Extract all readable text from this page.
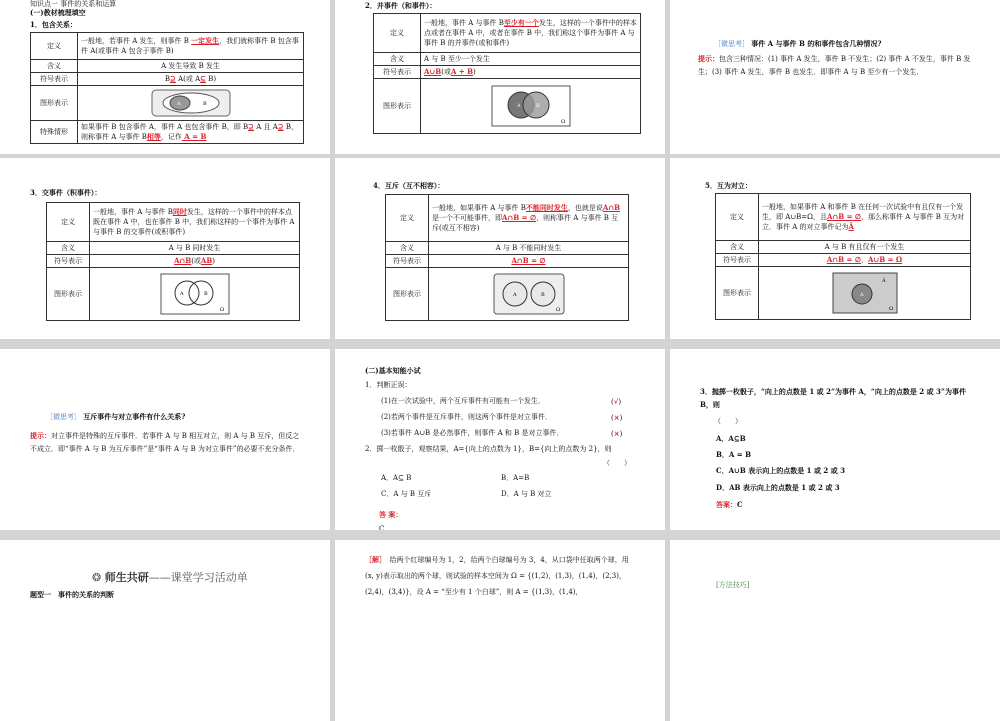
知识点一 事件的关系和运算
(一)教材梳理填空
1．包含关系：
定义	一般地，若事件 A 发生，则事件 B 一定发生，我们就称事件 B 包含事件 A(或事件 A 包含于事件 B)
含义	A 发生导致 B 发生
符号表示	B⊇ A(或 A⊆ B)
图形表示	A B

特殊情形	如果事件 B 包含事件 A，事件 A 也包含事件 B，即 B⊇ A 且 A⊇ B，则称事件 A 与事件 B相等，记作 A = B
2．并事件（和事件）：
定义	一般地，事件 A 与事件 B至少有一个发生，这样的一个事件中的样本点或者在事件 A 中，或者在事件 B 中，我们称这个事件为事件 A 与事件 B 的并事件(或和事件)
含义	A 与 B 至少一个发生
符号表示	A∪B(或A + B)
图形表示	A B
Ω
［微思考］ 事件 A 与事件 B 的和事件包含几种情况?
提示：包含三种情况：(1) 事件 A 发生，事件 B 不发生；(2) 事件 A 不发生，事件 B 发生；(3) 事件 A 发生，事件 B 也发生．即事件 A 与 B 至少有一个发生．
3．交事件（积事件）：
定义	一般地，事件 A 与事件 B同时发生，这样的一个事件中的样本点既在事件 A 中，也在事件 B 中，我们称这样的一个事件为事件 A 与事件 B 的交事件(或积事件)
含义	A 与 B 同时发生
符号表示	A∩B(或AB)
图形表示	A B
Ω
4．互斥（互不相容）：
定义	一般地，如果事件 A 与事件 B不能同时发生，也就是说A∩B是一个不可能事件，即A∩B = ∅，则称事件 A 与事件 B 互斥(或互不相容)
含义	A 与 B 不能同时发生
符号表示	A∩B = ∅
图形表示	A B
Ω
5．互为对立：
定义	一般地，如果事件 A 和事件 B 在任何一次试验中有且仅有一个发生，即 A∪B=Ω，且A∩B = ∅，那么称事件 A 与事件 B 互为对立．事件 A 的对立事件记为Ā
含义	A 与 B 有且仅有一个发生
符号表示	A∩B = ∅，A∪B = Ω
图形表示	A
Ā
Ω
［微思考］ 互斥事件与对立事件有什么关系?
提示：对立事件是特殊的互斥事件．若事件 A 与 B 相互对立，则 A 与 B 互斥，但反之不成立．即“事件 A 与 B 为互斥事件”是“事件 A 与 B 为对立事件”的必要不充分条件．
(二)基本知能小试
1．判断正误：
(1)在一次试验中，两个互斥事件有可能有一个发生．	(√)
(2)若两个事件是互斥事件，则这两个事件是对立事件．	(×)
(3)若事件 A∪B 是必然事件，则事件 A 和 B 是对立事件．	(×)
2．掷一枚骰子，观察结果，A={向上的点数为 1}，B={向上的点数为 2}，则
（　　）
A．A⊆ B	B．A=B
C．A 与 B 互斥	D．A 与 B 对立
答 案：
C
3．抛掷一枚骰子，“向上的点数是 1 或 2”为事件 A，“向上的点数是 2 或 3”为事件 B，则
（　　）
A．A⊆B
B．A = B
C．A∪B 表示向上的点数是 1 或 2 或 3
D．AB 表示向上的点数是 1 或 2 或 3
答案：C
❂ 师生共研——课堂学习活动单
题型一　事件的关系的判断
［解］　 给两个红球编号为 1，2，给两个白球编号为 3，4，从口袋中任取两个球，用(x, y)表示取出的两个球，则试验的样本空间为 Ω = {(1,2)，(1,3)，(1,4)，(2,3)，(2,4)，(3,4)}，设 A = “至少有 1 个白球”，则 A = {(1,3)，(1,4)，
[方法技巧]
